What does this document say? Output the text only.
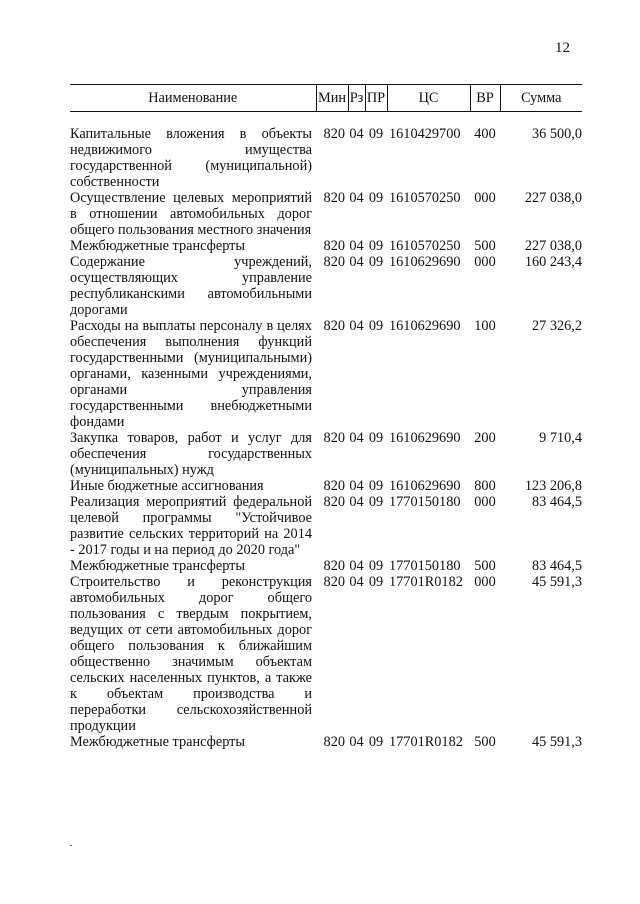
12
Наименование	Мин	Рз	ПР	ЦС	ВР	Сумма

Капитальные вложения в объекты недвижимого имущества государственной (муниципальной) собственности	820	04	09	1610429700	400	36 500,0
Осуществление целевых мероприятий в отношении автомобильных дорог общего пользования местного значения	820	04	09	1610570250	000	227 038,0
Межбюджетные трансферты	820	04	09	1610570250	500	227 038,0
Содержание учреждений, осуществляющих управление республиканскими автомобильными дорогами	820	04	09	1610629690	000	160 243,4
Расходы на выплаты персоналу в целях обеспечения выполнения функций государственными (муниципальными) органами, казенными учреждениями, органами управления государственными внебюджетными фондами	820	04	09	1610629690	100	27 326,2
Закупка товаров, работ и услуг для обеспечения государственных (муниципальных) нужд	820	04	09	1610629690	200	9 710,4
Иные бюджетные ассигнования	820	04	09	1610629690	800	123 206,8
Реализация мероприятий федеральной целевой программы "Устойчивое развитие сельских территорий на 2014 - 2017 годы и на период до 2020 года"	820	04	09	1770150180	000	83 464,5
Межбюджетные трансферты	820	04	09	1770150180	500	83 464,5
Строительство и реконструкция автомобильных дорог общего пользования с твердым покрытием, ведущих от сети автомобильных дорог общего пользования к ближайшим общественно значимым объектам сельских населенных пунктов, а также к объектам производства и переработки сельскохозяйственной продукции	820	04	09	17701R0182	000	45 591,3
Межбюджетные трансферты	820	04	09	17701R0182	500	45 591,3
